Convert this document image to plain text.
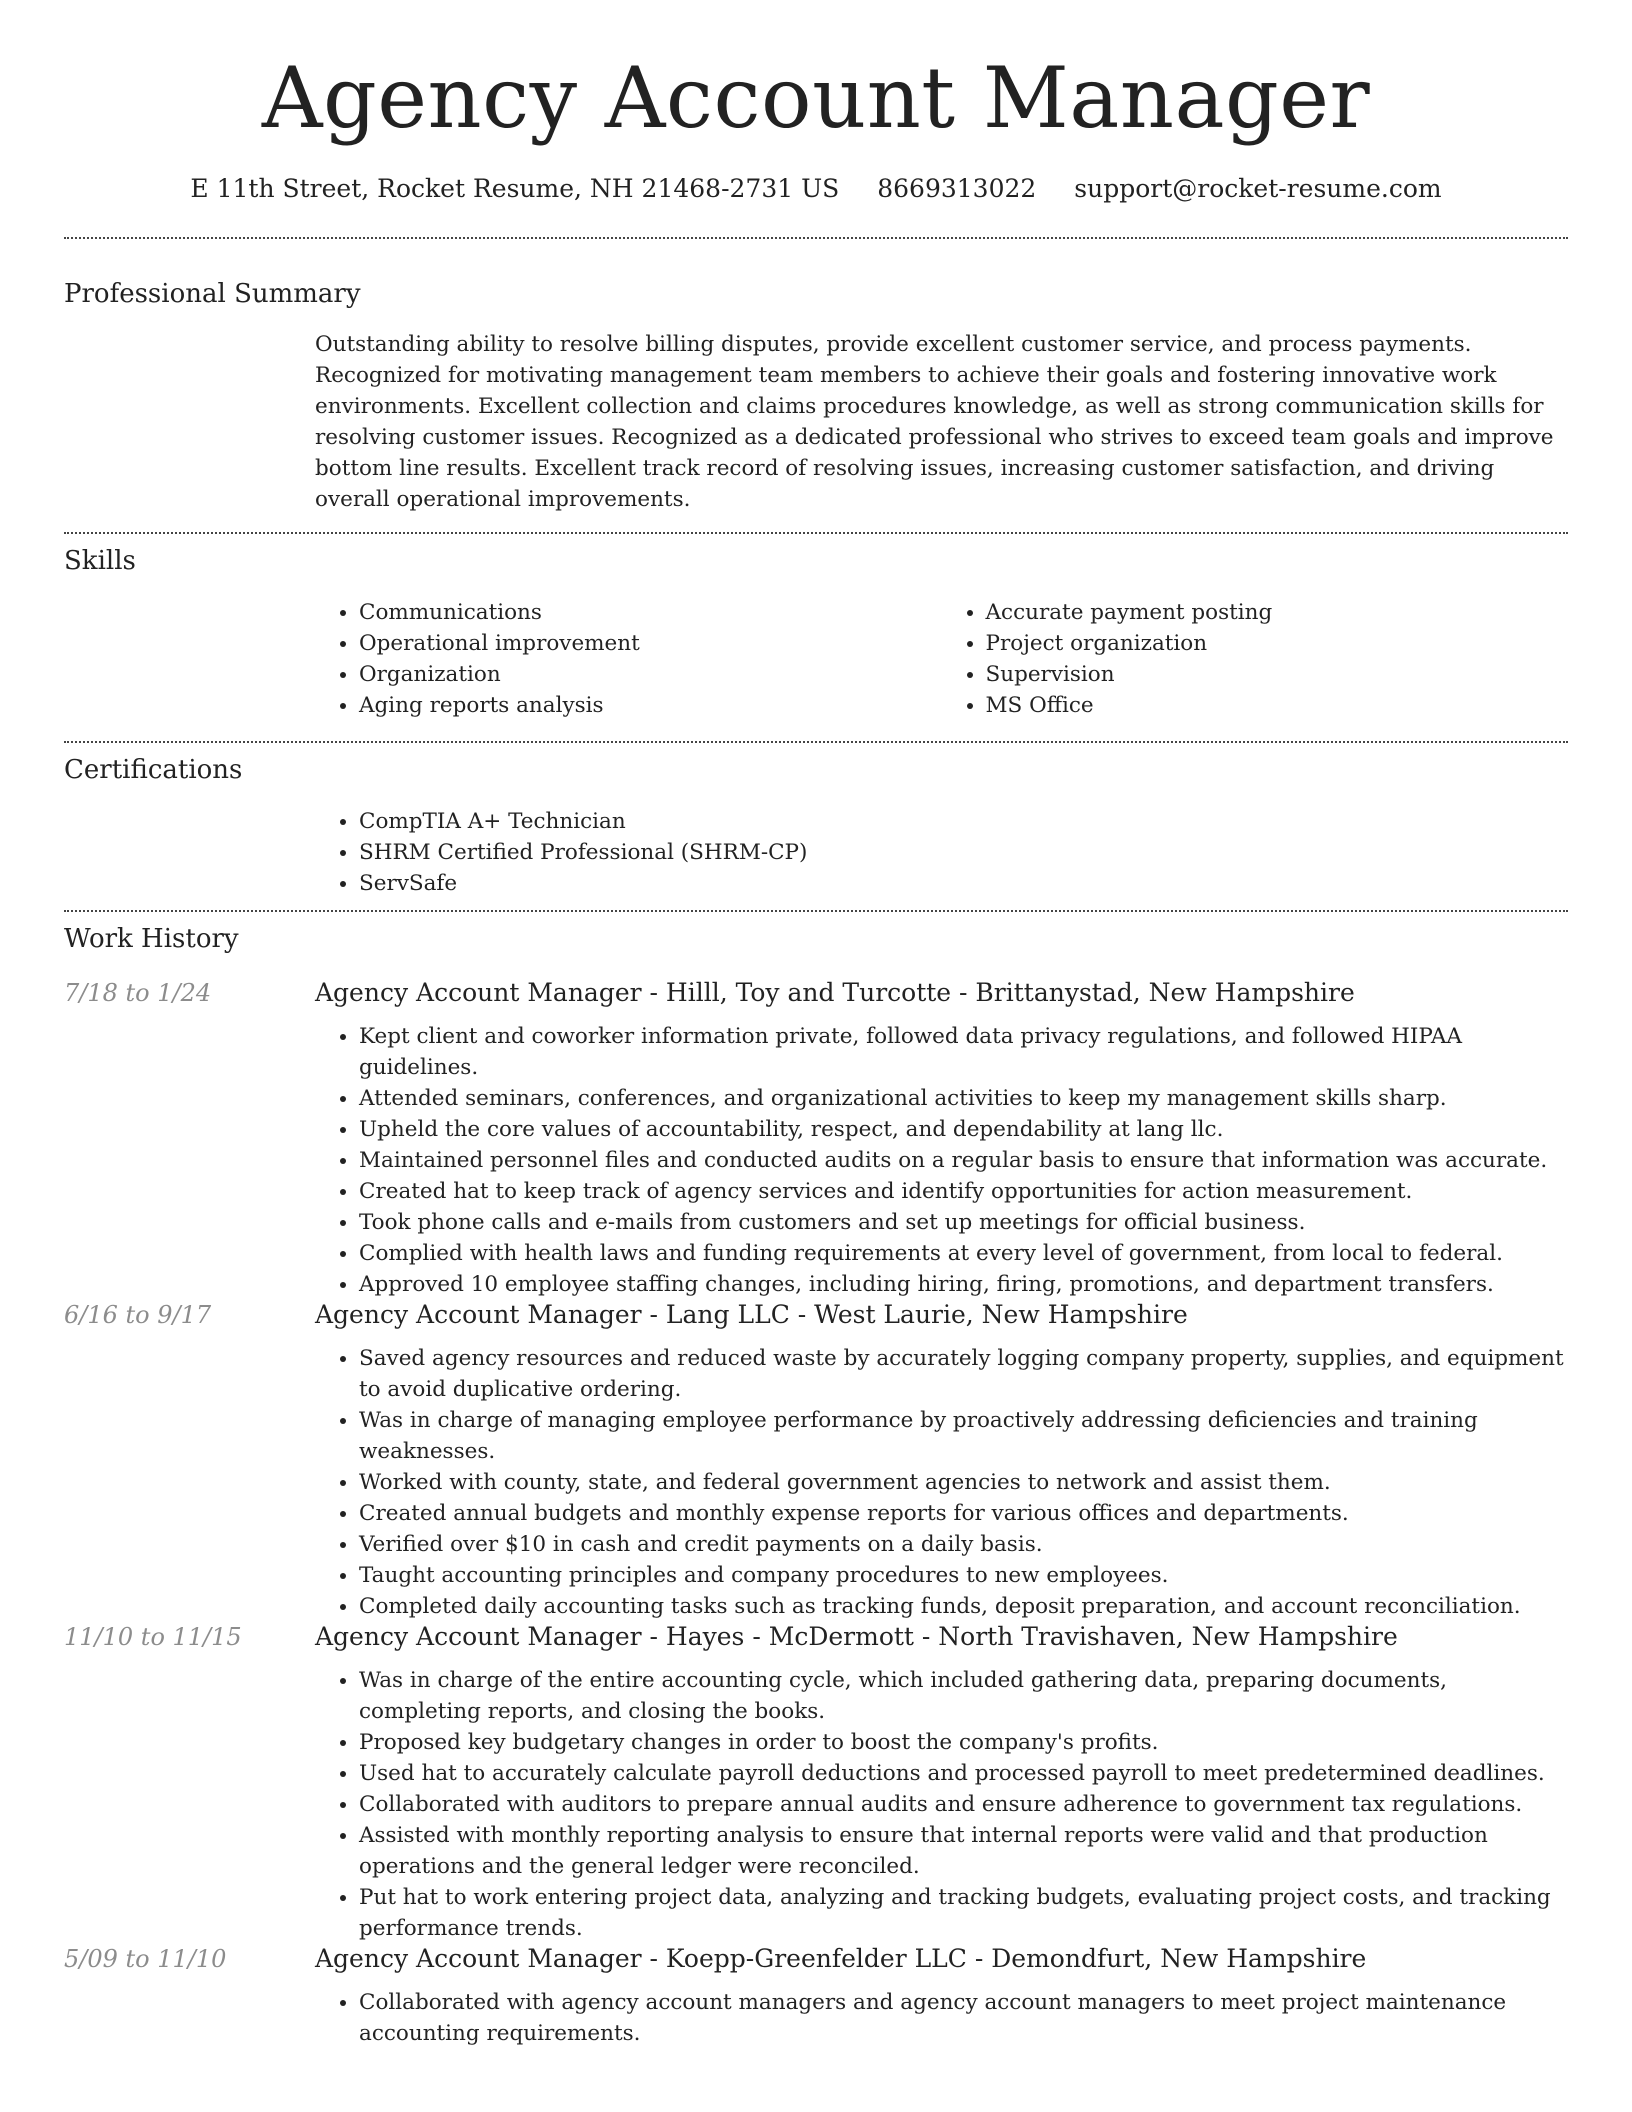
Agency Account Manager
E 11th Street, Rocket Resume, NH 21468-2731 US 8669313022 support@rocket-resume.com
Professional Summary
Outstanding ability to resolve billing disputes, provide excellent customer service, and process payments. Recognized for motivating management team members to achieve their goals and fostering innovative work environments. Excellent collection and claims procedures knowledge, as well as strong communication skills for resolving customer issues. Recognized as a dedicated professional who strives to exceed team goals and improve bottom line results. Excellent track record of resolving issues, increasing customer satisfaction, and driving overall operational improvements.
Skills
• Communications
• Operational improvement
• Organization
• Aging reports analysis
• Accurate payment posting
• Project organization
• Supervision
• MS Office
Certifications
• CompTIA A+ Technician
• SHRM Certified Professional (SHRM-CP)
• ServSafe
Work History
7/18 to 1/24	Agency Account Manager - Hilll, Toy and Turcotte - Brittanystad, New Hampshire
• Kept client and coworker information private, followed data privacy regulations, and followed HIPAA guidelines.
• Attended seminars, conferences, and organizational activities to keep my management skills sharp.
• Upheld the core values of accountability, respect, and dependability at lang llc.
• Maintained personnel files and conducted audits on a regular basis to ensure that information was accurate.
• Created hat to keep track of agency services and identify opportunities for action measurement.
• Took phone calls and e-mails from customers and set up meetings for official business.
• Complied with health laws and funding requirements at every level of government, from local to federal.
• Approved 10 employee staffing changes, including hiring, firing, promotions, and department transfers.
6/16 to 9/17	Agency Account Manager - Lang LLC - West Laurie, New Hampshire
• Saved agency resources and reduced waste by accurately logging company property, supplies, and equipment to avoid duplicative ordering.
• Was in charge of managing employee performance by proactively addressing deficiencies and training weaknesses.
• Worked with county, state, and federal government agencies to network and assist them.
• Created annual budgets and monthly expense reports for various offices and departments.
• Verified over $10 in cash and credit payments on a daily basis.
• Taught accounting principles and company procedures to new employees.
• Completed daily accounting tasks such as tracking funds, deposit preparation, and account reconciliation.
11/10 to 11/15	Agency Account Manager - Hayes - McDermott - North Travishaven, New Hampshire
• Was in charge of the entire accounting cycle, which included gathering data, preparing documents, completing reports, and closing the books.
• Proposed key budgetary changes in order to boost the company's profits.
• Used hat to accurately calculate payroll deductions and processed payroll to meet predetermined deadlines.
• Collaborated with auditors to prepare annual audits and ensure adherence to government tax regulations.
• Assisted with monthly reporting analysis to ensure that internal reports were valid and that production operations and the general ledger were reconciled.
• Put hat to work entering project data, analyzing and tracking budgets, evaluating project costs, and tracking performance trends.
5/09 to 11/10	Agency Account Manager - Koepp-Greenfelder LLC - Demondfurt, New Hampshire
• Collaborated with agency account managers and agency account managers to meet project maintenance accounting requirements.
